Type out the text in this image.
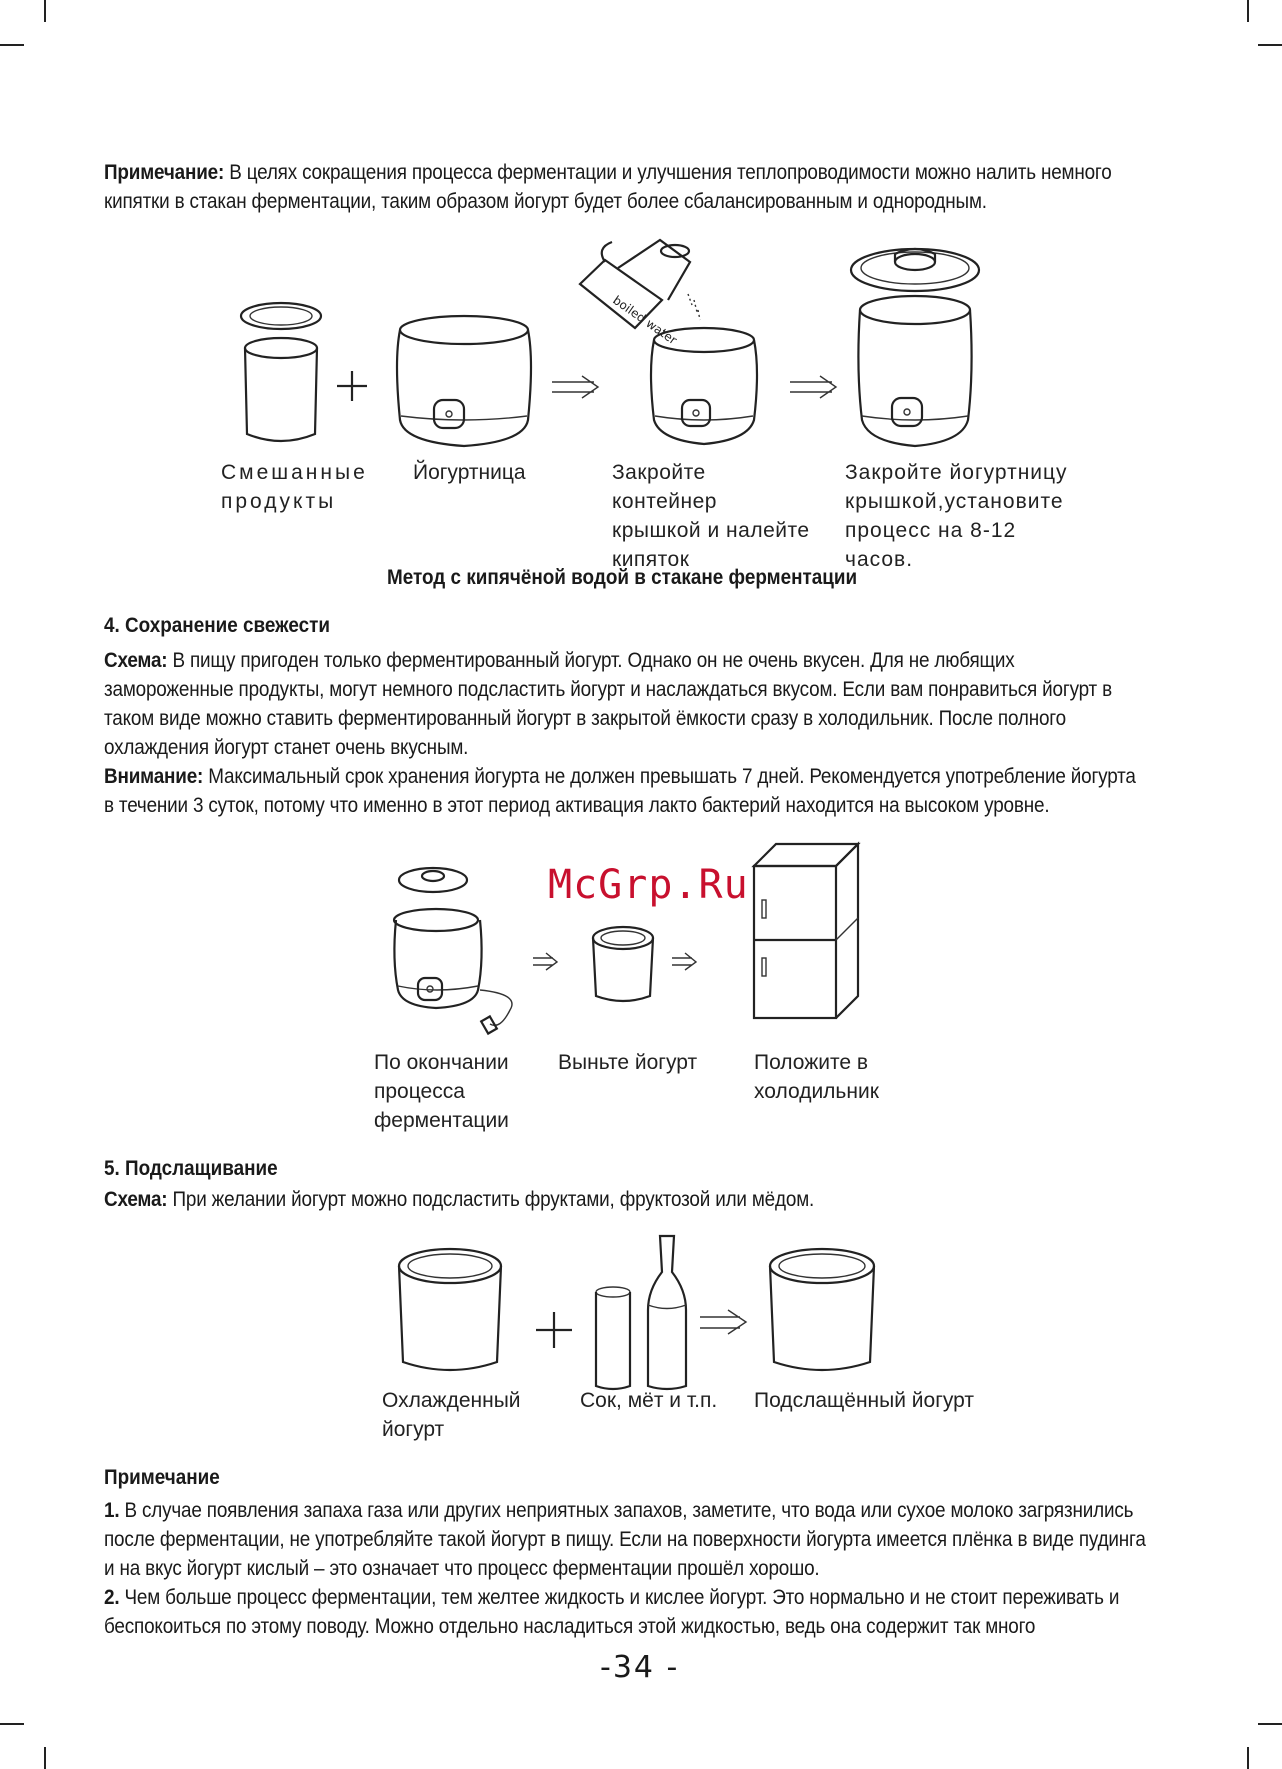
Примечание: В целях сокращения процесса ферментации и улучшения теплопроводимости можно налить немного кипятки в стакан ферментации, таким образом йогурт будет более сбалансированным и однородным.
boiled water
Смешанные продукты
Йогуртница	Закройте контейнер крышкой и налейте кипяток
Закройте йогуртницу крышкой,установите процесс на 8-12 часов.
Метод с кипячёной водой в стакане ферментации
4. Сохранение свежести
Схема: В пищу пригоден только ферментированный йогурт. Однако он не очень вкусен. Для не любящих замороженные продукты, могут немного подсластить йогурт и наслаждаться вкусом. Если вам понравиться йогурт в таком виде можно ставить ферментированный йогурт в закрытой ёмкости сразу в холодильник. После полного охлаждения йогурт станет очень вкусным.
Внимание: Максимальный срок хранения йогурта не должен превышать 7 дней. Рекомендуется употребление йогурта в течении 3 суток, потому что именно в этот период активация лакто бактерий находится на высоком уровне.
McGrp.Ru
По окончании процесса ферментации
Выньте йогурт	Положите в холодильник
5. Подслащивание
Схема: При желании йогурт можно подсластить фруктами, фруктозой или мёдом.
Охлажденный йогурт
Сок, мёт и т.п.	Подслащённый йогурт
Примечание
1. В случае появления запаха газа или других неприятных запахов, заметите, что вода или сухое молоко загрязнились после ферментации, не употребляйте такой йогурт в пищу. Если на поверхности йогурта имеется плёнка в виде пудинга и на вкус йогурт кислый – это означает что процесс ферментации прошёл хорошо.
2. Чем больше процесс ферментации, тем желтее жидкость и кислее йогурт. Это нормально и не стоит переживать и беспокоиться по этому поводу. Можно отдельно насладиться этой жидкостью, ведь она содержит так много
-34 -
